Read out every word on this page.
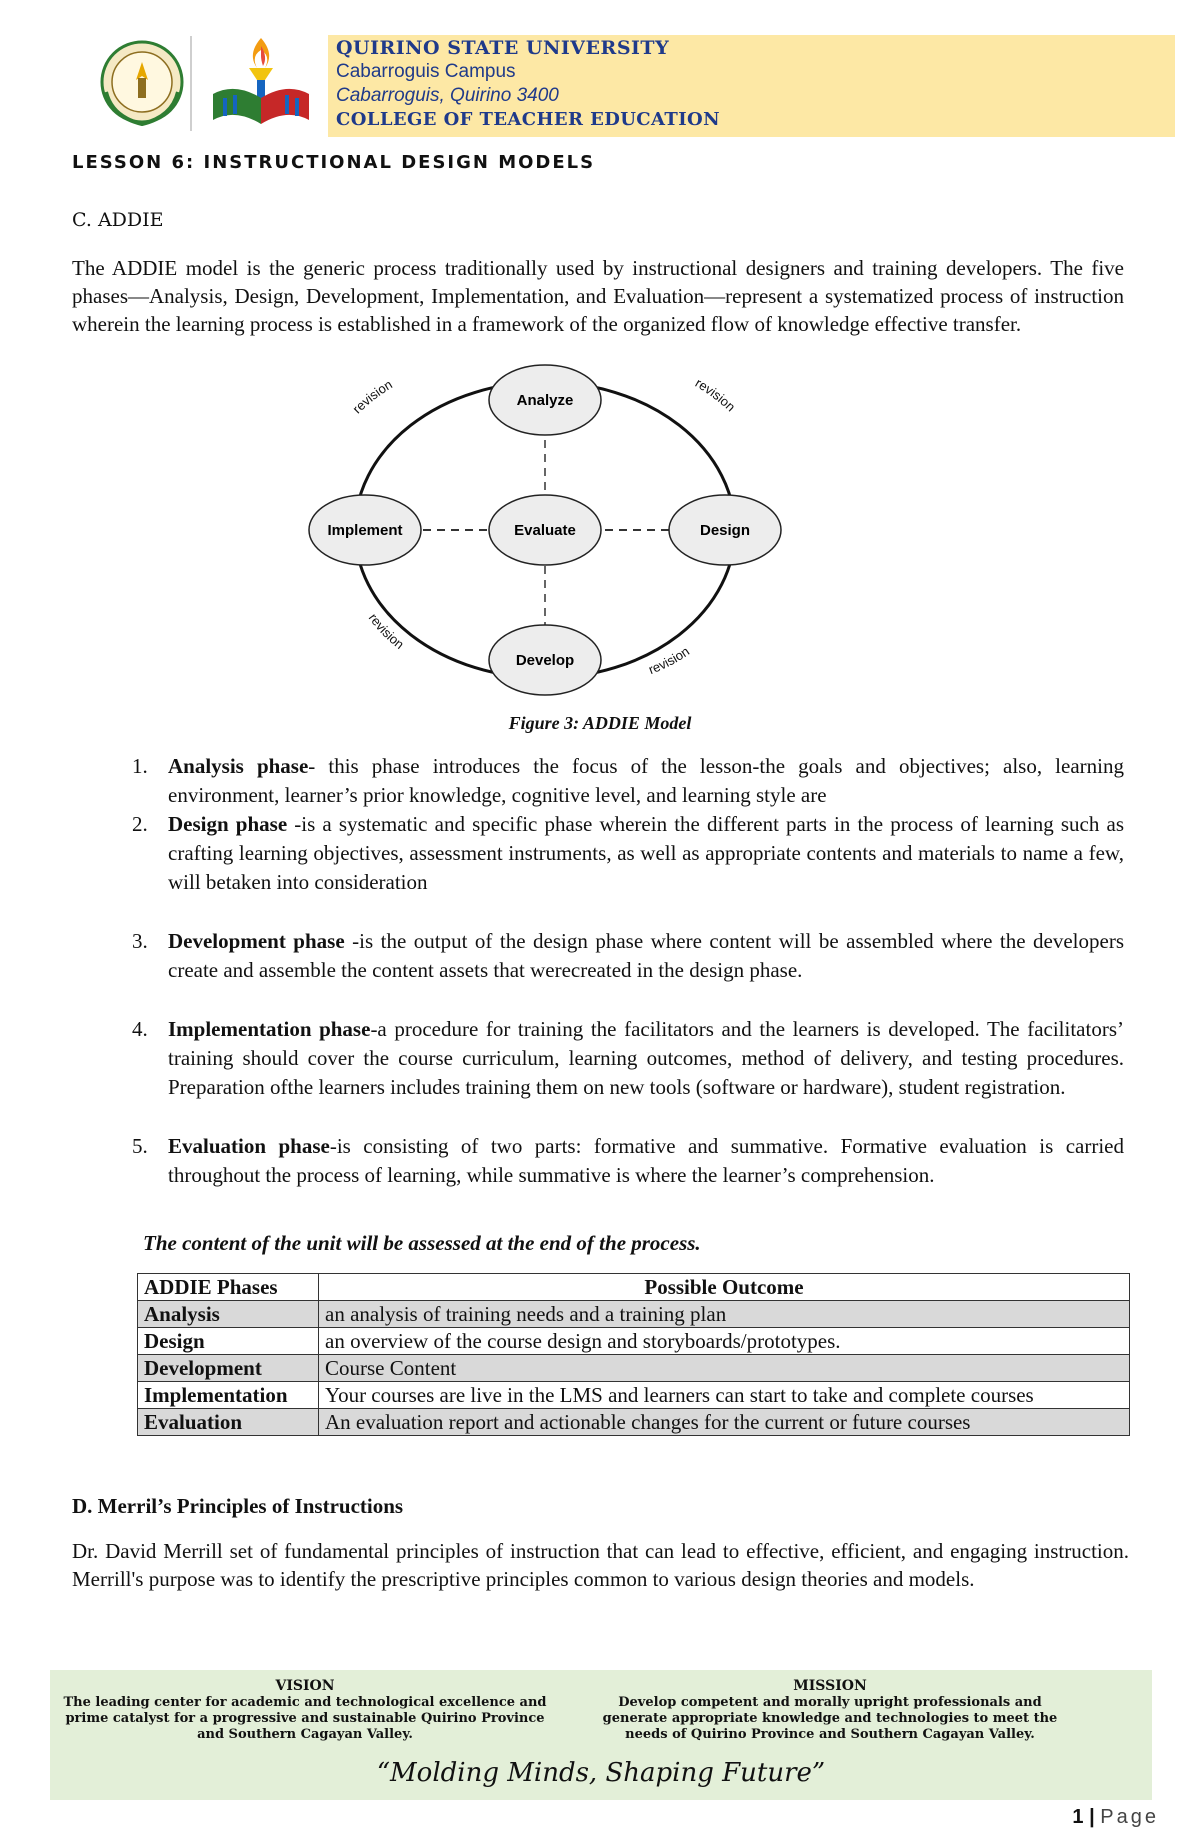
QUIRINO STATE UNIVERSITY
Cabarroguis Campus
Cabarroguis, Quirino 3400
COLLEGE OF TEACHER EDUCATION
LESSON 6: INSTRUCTIONAL DESIGN MODELS
C. ADDIE
The ADDIE model is the generic process traditionally used by instructional designers and training developers. The five phases—Analysis, Design, Development, Implementation, and Evaluation—represent a systematized process of instruction wherein the learning process is established in a framework of the organized flow of knowledge effective transfer.
revision	revision
revision
revision
Analyze
Implement	Evaluate	Design
Develop
Figure 3: ADDIE Model
1. Analysis phase- this phase introduces the focus of the lesson-the goals and objectives; also, learning environment, learner’s prior knowledge, cognitive level, and learning style are
2. Design phase -is a systematic and specific phase wherein the different parts in the process of learning such as crafting learning objectives, assessment instruments, as well as appropriate contents and materials to name a few, will betaken into consideration
3. Development phase -is the output of the design phase where content will be assembled where the developers create and assemble the content assets that werecreated in the design phase.
4. Implementation phase-a procedure for training the facilitators and the learners is developed. The facilitators’ training should cover the course curriculum, learning outcomes, method of delivery, and testing procedures. Preparation ofthe learners includes training them on new tools (software or hardware), student registration.
5. Evaluation phase-is consisting of two parts: formative and summative. Formative evaluation is carried throughout the process of learning, while summative is where the learner’s comprehension.
The content of the unit will be assessed at the end of the process.
ADDIE Phases	Possible Outcome
Analysis	an analysis of training needs and a training plan
Design	an overview of the course design and storyboards/prototypes.
Development	Course Content
Implementation	Your courses are live in the LMS and learners can start to take and complete courses
Evaluation	An evaluation report and actionable changes for the current or future courses
D. Merril’s Principles of Instructions
Dr. David Merrill set of fundamental principles of instruction that can lead to effective, efficient, and engaging instruction. Merrill's purpose was to identify the prescriptive principles common to various design theories and models.
VISION
The leading center for academic and technological excellence and prime catalyst for a progressive and sustainable Quirino Province and Southern Cagayan Valley.
MISSION
Develop competent and morally upright professionals and generate appropriate knowledge and technologies to meet the needs of Quirino Province and Southern Cagayan Valley.
“Molding Minds, Shaping Future”
1 | Page
